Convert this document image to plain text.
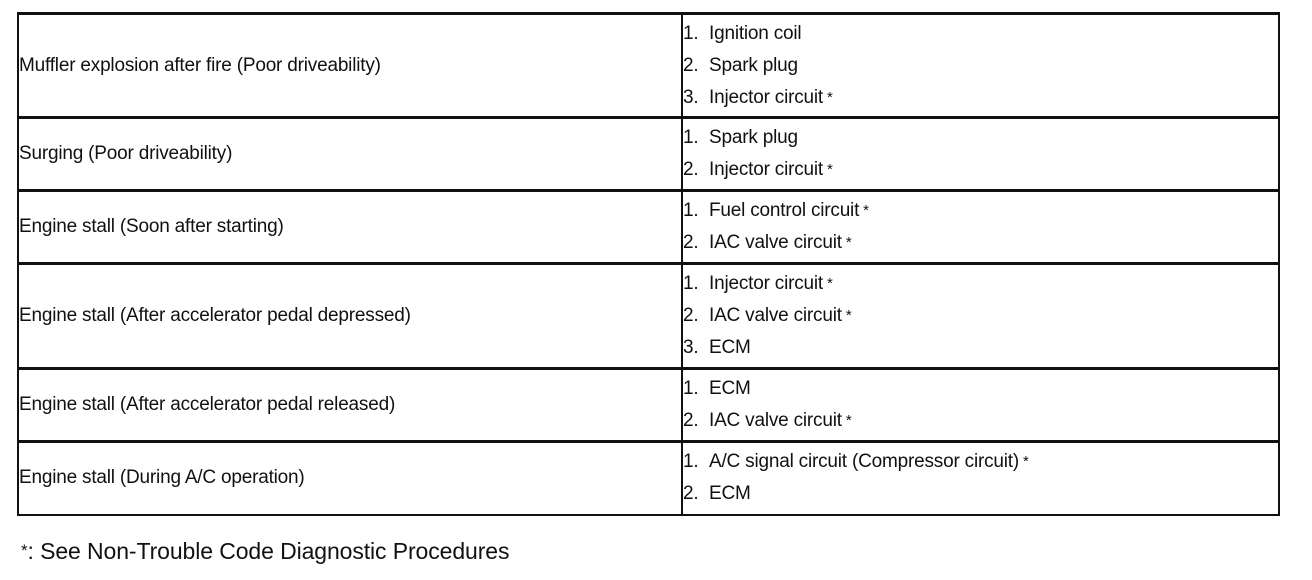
Muffler explosion after fire (Poor driveability)	1. Ignition coil
2. Spark plug
3. Injector circuit *

Surging (Poor driveability)	1. Spark plug
2. Injector circuit *

Engine stall (Soon after starting)	1. Fuel control circuit *
2. IAC valve circuit *

Engine stall (After accelerator pedal depressed)	1. Injector circuit *
2. IAC valve circuit *
3. ECM

Engine stall (After accelerator pedal released)	1. ECM
2. IAC valve circuit *

Engine stall (During A/C operation)	1. A/C signal circuit (Compressor circuit) *
2. ECM
*: See Non-Trouble Code Diagnostic Procedures
